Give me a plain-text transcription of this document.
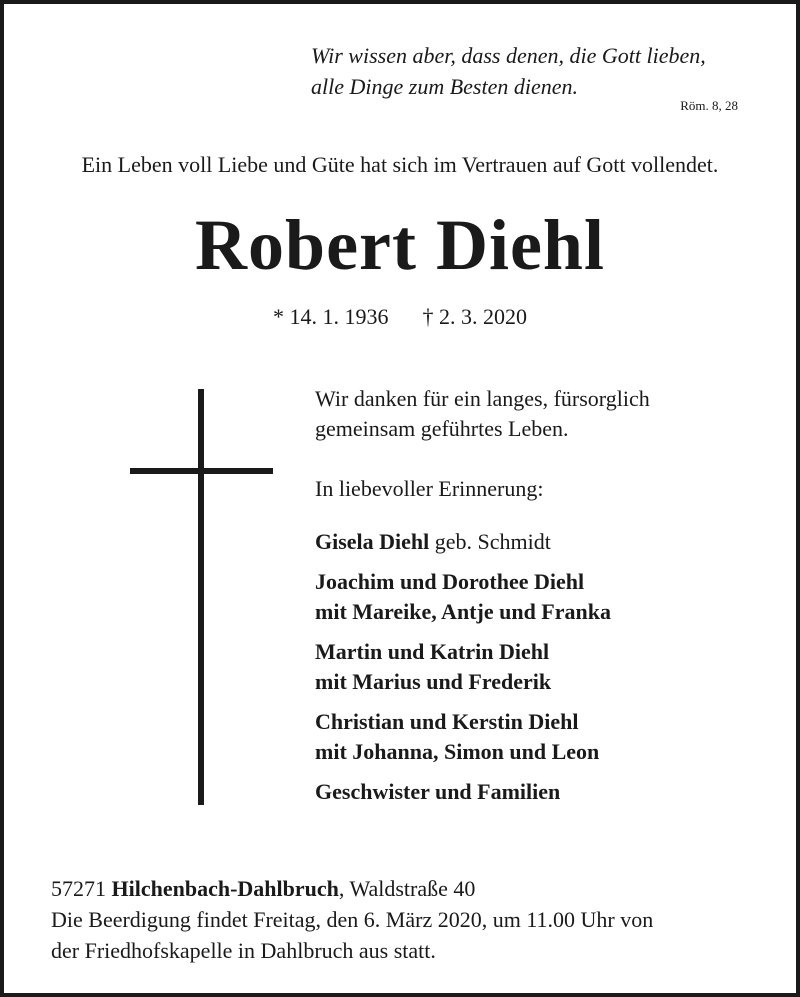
Wir wissen aber, dass denen, die Gott lieben,
alle Dinge zum Besten dienen.
Röm. 8, 28
Ein Leben voll Liebe und Güte hat sich im Vertrauen auf Gott vollendet.
Robert Diehl
* 14. 1. 1936 † 2. 3. 2020
Wir danken für ein langes, fürsorglich
gemeinsam geführtes Leben.
In liebevoller Erinnerung:
Gisela Diehl geb. Schmidt
Joachim und Dorothee Diehl
mit Mareike, Antje und Franka
Martin und Katrin Diehl
mit Marius und Frederik
Christian und Kerstin Diehl
mit Johanna, Simon und Leon
Geschwister und Familien
57271 Hilchenbach-Dahlbruch, Waldstraße 40
Die Beerdigung findet Freitag, den 6. März 2020, um 11.00 Uhr von
der Friedhofskapelle in Dahlbruch aus statt.
